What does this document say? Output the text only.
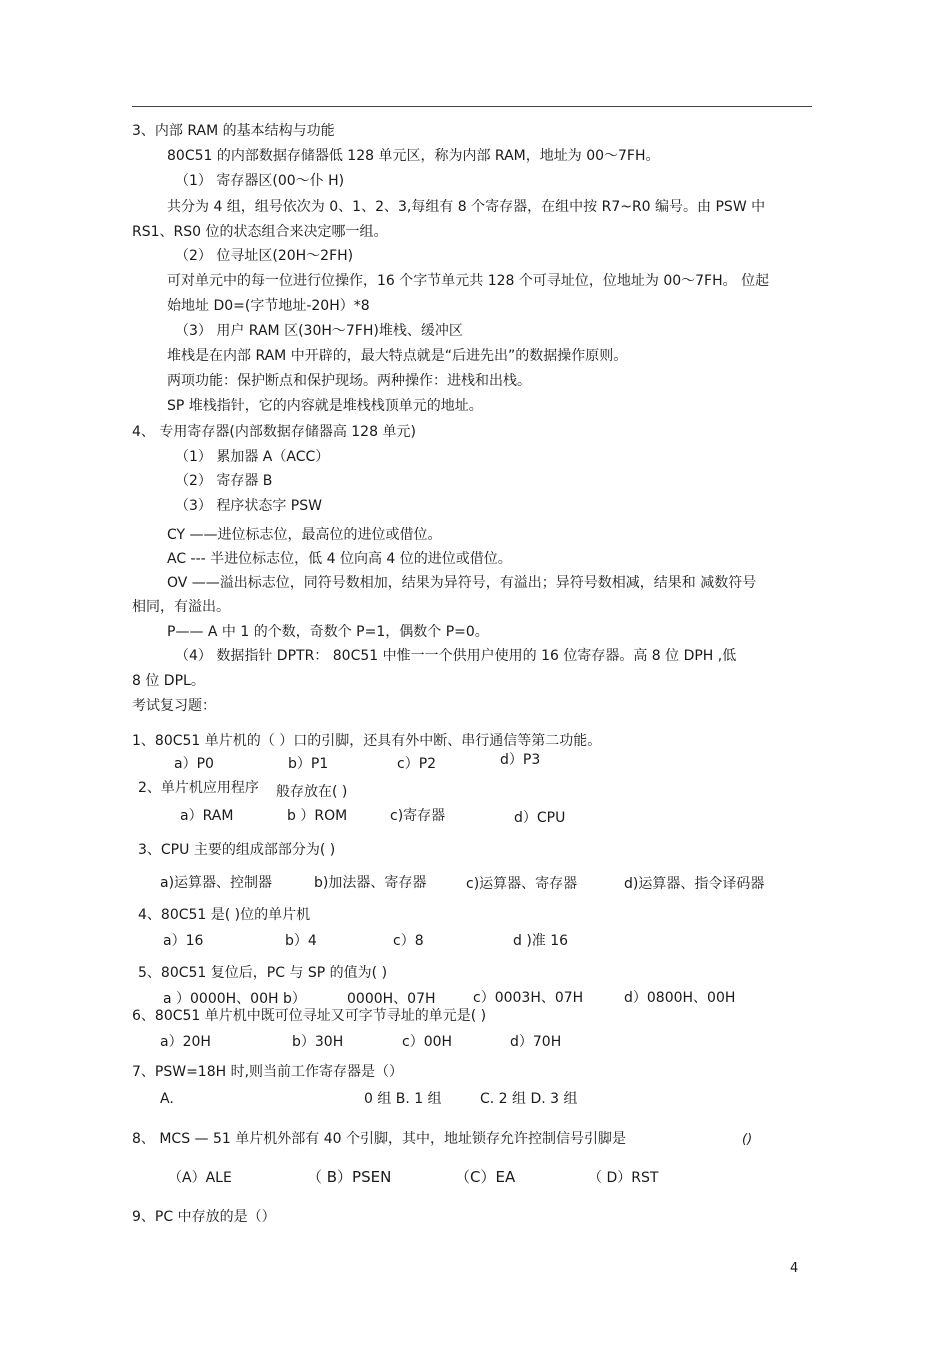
3、内部 RAM 的基本结构与功能
80C51 的内部数据存储器低 128 单元区，称为内部 RAM，地址为 00～7FH。
（1） 寄存器区(00～仆 H)
共分为 4 组，组号依次为 0、1、2、3,每组有 8 个寄存器，在组中按 R7~R0 编号。由 PSW 中
RS1、RS0 位的状态组合来决定哪一组。
（2） 位寻址区(20H～2FH)
可对单元中的每一位进行位操作，16 个字节单元共 128 个可寻址位，位地址为 00～7FH。 位起
始地址 D0=(字节地址-20H）*8
（3） 用户 RAM 区(30H～7FH)堆栈、缓冲区
堆栈是在内部 RAM 中开辟的，最大特点就是“后进先出”的数据操作原则。
两项功能：保护断点和保护现场。两种操作：进栈和出栈。
SP 堆栈指针，它的内容就是堆栈栈顶单元的地址。
4、 专用寄存器(内部数据存储器高 128 单元)
（1） 累加器 A（ACC）
（2） 寄存器 B
（3） 程序状态字 PSW
CY ——进位标志位，最高位的进位或借位。
AC --- 半进位标志位，低 4 位向高 4 位的进位或借位。
OV ——溢出标志位，同符号数相加，结果为异符号，有溢出；异符号数相减，结果和 减数符号
相同，有溢出。
P—— A 中 1 的个数，奇数个 P=1，偶数个 P=0。
（4） 数据指针 DPTR： 80C51 中惟一一个供用户使用的 16 位寄存器。高 8 位 DPH ,低
8 位 DPL。
考试复习题：
1、80C51 单片机的（ ）口的引脚，还具有外中断、串行通信等第二功能。
a）P0	b）P1	c）P2	d）P3
2、单片机应用程序 般存放在( )
a）RAM	b ）ROM	c)寄存器	d）CPU
3、CPU 主要的组成部部分为( )
a)运算器、控制器	b)加法器、寄存器	c)运算器、寄存器	d)运算器、指令译码器
4、80C51 是( )位的单片机
a）16	b）4	c）8	d )准 16
5、80C51 复位后，PC 与 SP 的值为( )
a ）0000H、00H b）	0000H、07H	c）0003H、07H	d）0800H、00H
6、80C51 单片机中既可位寻址又可字节寻址的单元是( )
a）20H	b）30H	c）00H	d）70H
7、PSW=18H 时,则当前工作寄存器是（）
A.	0 组 B. 1 组	C. 2 组 D. 3 组
8、 MCS — 51 单片机外部有 40 个引脚，其中，地址锁存允许控制信号引脚是	()
（A）ALE	（ B）PSEN	（C）EA	（ D）RST
9、PC 中存放的是（）
4
